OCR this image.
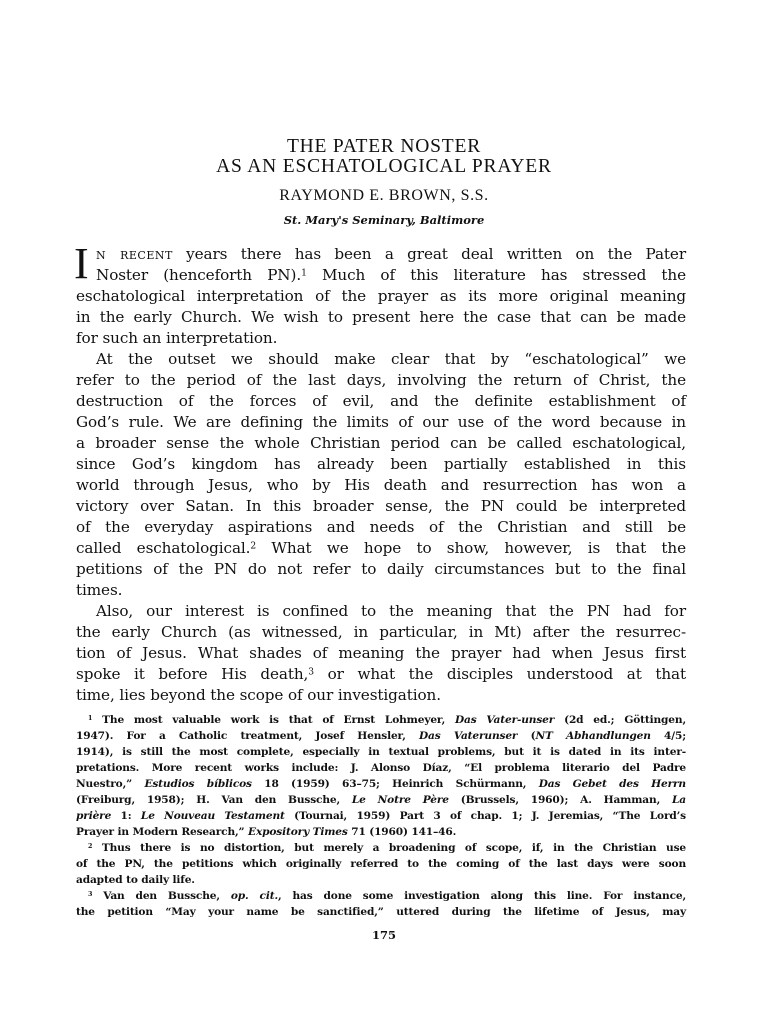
THE PATER NOSTER
AS AN ESCHATOLOGICAL PRAYER
RAYMOND E. BROWN, S.S.
St. Mary's Seminary, Baltimore
I n recent years there has been a great deal written on the Pater
Noster (henceforth PN).$^1$ Much of this literature has stressed the
eschatological interpretation of the prayer as its more original meaning
in the early Church. We wish to present here the case that can be made
for such an interpretation.
At the outset we should make clear that by “eschatological” we
refer to the period of the last days, involving the return of Christ, the
destruction of the forces of evil, and the definite establishment of
God’s rule. We are defining the limits of our use of the word because in
a broader sense the whole Christian period can be called eschatological,
since God’s kingdom has already been partially established in this
world through Jesus, who by His death and resurrection has won a
victory over Satan. In this broader sense, the PN could be interpreted
of the everyday aspirations and needs of the Christian and still be
called eschatological.$^2$ What we hope to show, however, is that the
petitions of the PN do not refer to daily circumstances but to the final
times.
Also, our interest is confined to the meaning that the PN had for
the early Church (as witnessed, in particular, in Mt) after the resurrec-
tion of Jesus. What shades of meaning the prayer had when Jesus first
spoke it before His death,$^3$ or what the disciples understood at that
time, lies beyond the scope of our investigation.
$^1$ The most valuable work is that of Ernst Lohmeyer, Das Vater-unser (2d ed.; Göttingen,
1947). For a Catholic treatment, Josef Hensler, Das Vaterunser (NT Abhandlungen 4/5;
1914), is still the most complete, especially in textual problems, but it is dated in its inter-
pretations. More recent works include: J. Alonso Díaz, “El problema literario del Padre
Nuestro,” Estudios bíblicos 18 (1959) 63–75; Heinrich Schürmann, Das Gebet des Herrn
(Freiburg, 1958); H. Van den Bussche, Le Notre Père (Brussels, 1960); A. Hamman, La
prière 1: Le Nouveau Testament (Tournai, 1959) Part 3 of chap. 1; J. Jeremias, “The Lord’s
Prayer in Modern Research,” Expository Times 71 (1960) 141–46.
$^2$ Thus there is no distortion, but merely a broadening of scope, if, in the Christian use
of the PN, the petitions which originally referred to the coming of the last days were soon
adapted to daily life.
$^3$ Van den Bussche, op. cit., has done some investigation along this line. For instance,
the petition “May your name be sanctified,” uttered during the lifetime of Jesus, may
175
